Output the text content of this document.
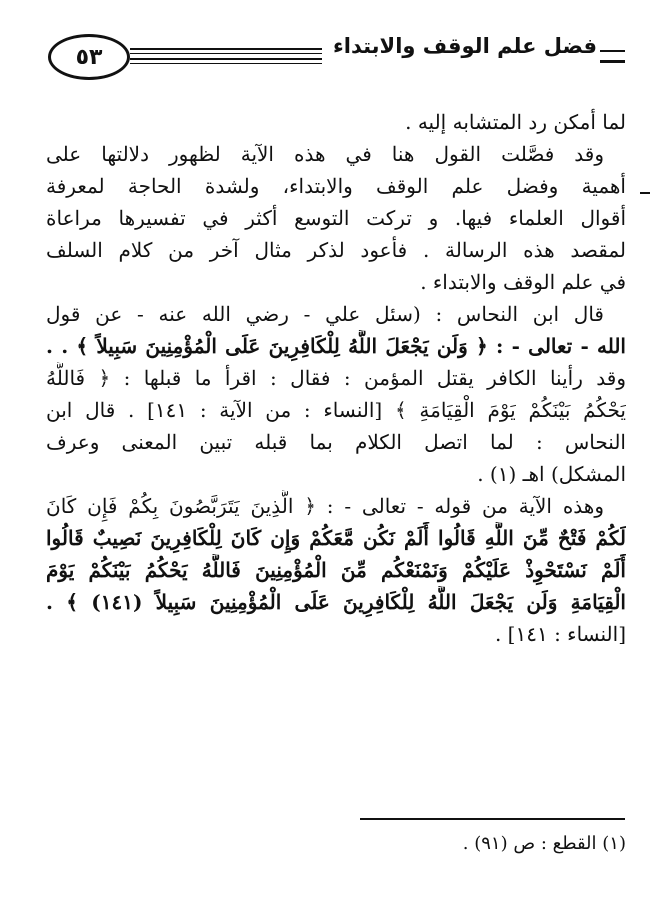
٥٣	فضل علم الوقف والابتداء
لما أمكن رد المتشابه إليه .
وقد فصَّلت القول هنا في هذه الآية لظهور دلالتها على
أهمية وفضل علم الوقف والابتداء، ولشدة الحاجة لمعرفة
أقوال العلماء فيها. و تركت التوسع أكثر في تفسيرها مراعاة
لمقصد هذه الرسالة . فأعود لذكر مثال آخر من كلام السلف
في علم الوقف والابتداء .
قال ابن النحاس : (سئل علي - رضي الله عنه - عن قول
الله - تعالى - : ﴿ وَلَن يَجْعَلَ اللَّهُ لِلْكَافِرِينَ عَلَى الْمُؤْمِنِينَ سَبِيلاً ﴾ . .
وقد رأينا الكافر يقتل المؤمن : فقال : اقرأ ما قبلها : ﴿ فَاللَّهُ
يَحْكُمُ بَيْنَكُمْ يَوْمَ الْقِيَامَةِ ﴾ [النساء : من الآية : ١٤١] . قال ابن
النحاس : لما اتصل الكلام بما قبله تبين المعنى وعرف
المشكل) اهـ (١) .
وهذه الآية من قوله - تعالى - : ﴿ الَّذِينَ يَتَرَبَّصُونَ بِكُمْ فَإِن كَانَ
لَكُمْ فَتْحٌ مِّنَ اللَّهِ قَالُوا أَلَمْ نَكُن مَّعَكُمْ وَإِن كَانَ لِلْكَافِرِينَ نَصِيبٌ قَالُوا
أَلَمْ نَسْتَحْوِذْ عَلَيْكُمْ وَنَمْنَعْكُم مِّنَ الْمُؤْمِنِينَ فَاللَّهُ يَحْكُمُ بَيْنَكُمْ يَوْمَ
الْقِيَامَةِ وَلَن يَجْعَلَ اللَّهُ لِلْكَافِرِينَ عَلَى الْمُؤْمِنِينَ سَبِيلاً (١٤١) ﴾ .
[النساء : ١٤١] .
(١) القطع : ص (٩١) .
